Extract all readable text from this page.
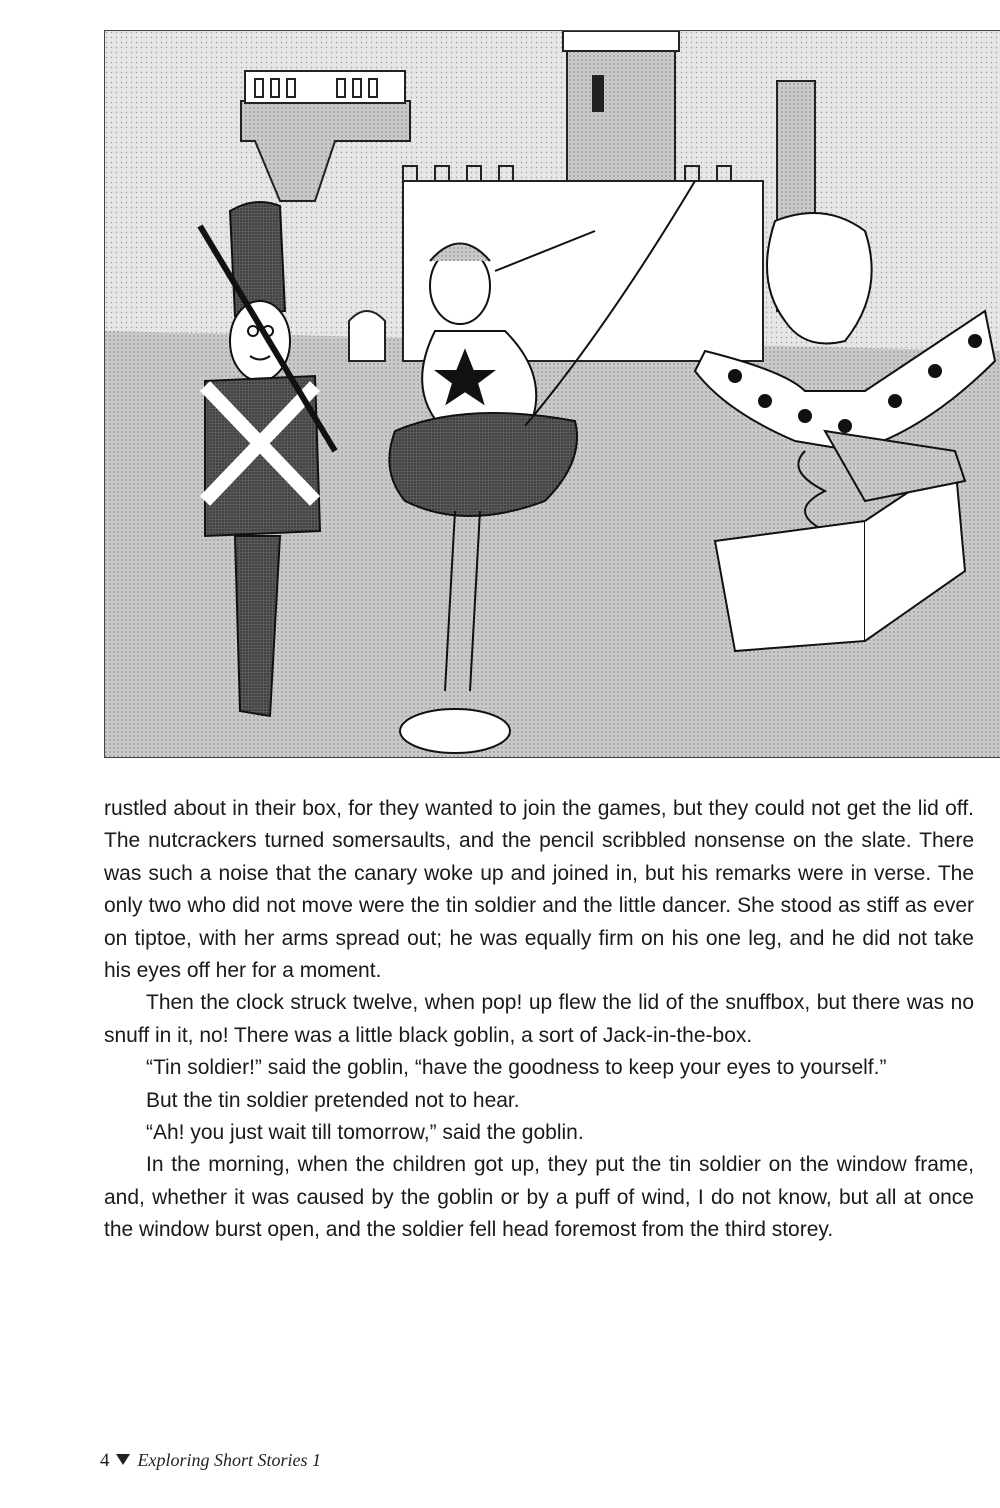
rustled about in their box, for they wanted to join the games, but they could not get the lid off. The nutcrackers turned somersaults, and the pencil scribbled nonsense on the slate. There was such a noise that the canary woke up and joined in, but his remarks were in verse. The only two who did not move were the tin soldier and the little dancer. She stood as stiff as ever on tiptoe, with her arms spread out; he was equally firm on his one leg, and he did not take his eyes off her for a moment.

Then the clock struck twelve, when pop! up flew the lid of the snuffbox, but there was no snuff in it, no! There was a little black goblin, a sort of Jack-in-the-box.

“Tin soldier!” said the goblin, “have the goodness to keep your eyes to yourself.”

But the tin soldier pretended not to hear.

“Ah! you just wait till tomorrow,” said the goblin.

In the morning, when the children got up, they put the tin soldier on the window frame, and, whether it was caused by the goblin or by a puff of wind, I do not know, but all at once the window burst open, and the soldier fell head foremost from the third storey.

4 Exploring Short Stories 1
